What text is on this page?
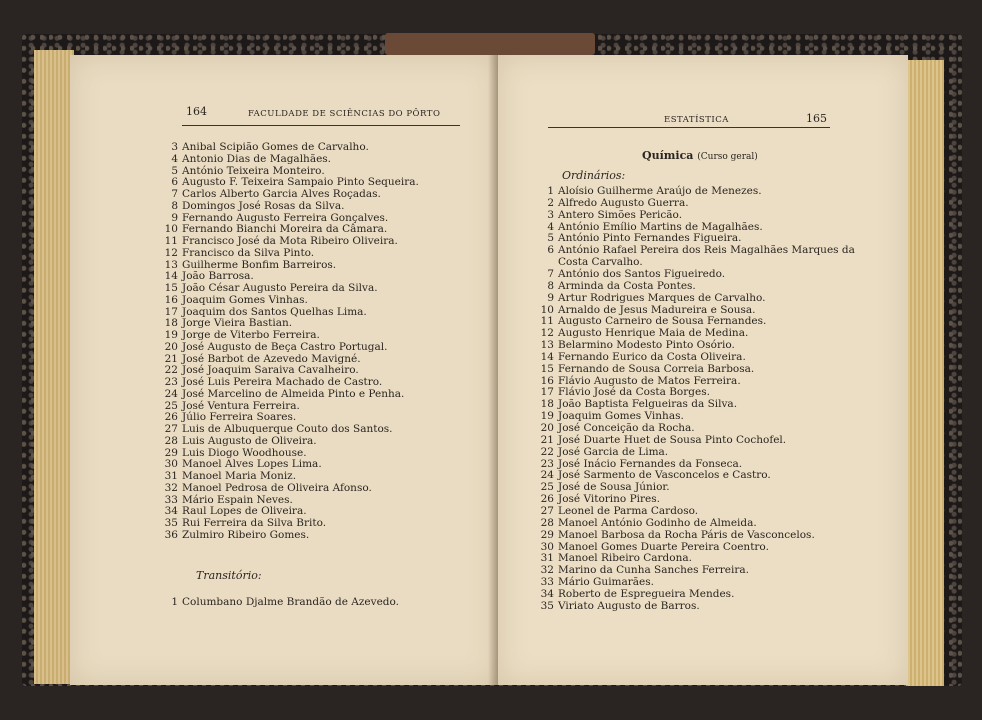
164	FACULDADE DE SCIÊNCIAS DO PÔRTO
3 Anibal Scipião Gomes de Carvalho.
4 Antonio Dias de Magalhães.
5 António Teixeira Monteiro.
6 Augusto F. Teixeira Sampaio Pinto Sequeira.
7 Carlos Alberto Garcia Alves Roçadas.
8 Domingos José Rosas da Silva.
9 Fernando Augusto Ferreira Gonçalves.
10 Fernando Bianchi Moreira da Câmara.
11 Francisco José da Mota Ribeiro Oliveira.
12 Francisco da Silva Pinto.
13 Guilherme Bonfim Barreiros.
14 João Barrosa.
15 João César Augusto Pereira da Silva.
16 Joaquim Gomes Vinhas.
17 Joaquim dos Santos Quelhas Lima.
18 Jorge Vieira Bastian.
19 Jorge de Viterbo Ferreira.
20 José Augusto de Beça Castro Portugal.
21 José Barbot de Azevedo Mavigné.
22 José Joaquim Saraiva Cavalheiro.
23 José Luis Pereira Machado de Castro.
24 José Marcelino de Almeida Pinto e Penha.
25 José Ventura Ferreira.
26 Júlio Ferreira Soares.
27 Luis de Albuquerque Couto dos Santos.
28 Luis Augusto de Oliveira.
29 Luis Diogo Woodhouse.
30 Manoel Alves Lopes Lima.
31 Manoel Maria Moniz.
32 Manoel Pedrosa de Oliveira Afonso.
33 Mário Espain Neves.
34 Raul Lopes de Oliveira.
35 Rui Ferreira da Silva Brito.
36 Zulmiro Ribeiro Gomes.
Transitório:
1 Columbano Djalme Brandão de Azevedo.
ESTATÍSTICA	165
Química (Curso geral)
Ordinários:
1 Aloísio Guilherme Araújo de Menezes.
2 Alfredo Augusto Guerra.
3 Antero Simões Pericão.
4 António Emílio Martins de Magalhães.
5 António Pinto Fernandes Figueira.
6 António Rafael Pereira dos Reis Magalhães Marques da
Costa Carvalho.
7 António dos Santos Figueiredo.
8 Arminda da Costa Pontes.
9 Artur Rodrigues Marques de Carvalho.
10 Arnaldo de Jesus Madureira e Sousa.
11 Augusto Carneiro de Sousa Fernandes.
12 Augusto Henrique Maia de Medina.
13 Belarmino Modesto Pinto Osório.
14 Fernando Eurico da Costa Oliveira.
15 Fernando de Sousa Correia Barbosa.
16 Flávio Augusto de Matos Ferreira.
17 Flávio José da Costa Borges.
18 João Baptista Felgueiras da Silva.
19 Joaquim Gomes Vinhas.
20 José Conceição da Rocha.
21 José Duarte Huet de Sousa Pinto Cochofel.
22 José Garcia de Lima.
23 José Inácio Fernandes da Fonseca.
24 José Sarmento de Vasconcelos e Castro.
25 José de Sousa Júnior.
26 José Vitorino Pires.
27 Leonel de Parma Cardoso.
28 Manoel António Godinho de Almeida.
29 Manoel Barbosa da Rocha Páris de Vasconcelos.
30 Manoel Gomes Duarte Pereira Coentro.
31 Manoel Ribeiro Cardona.
32 Marino da Cunha Sanches Ferreira.
33 Mário Guimarães.
34 Roberto de Espregueira Mendes.
35 Viriato Augusto de Barros.
